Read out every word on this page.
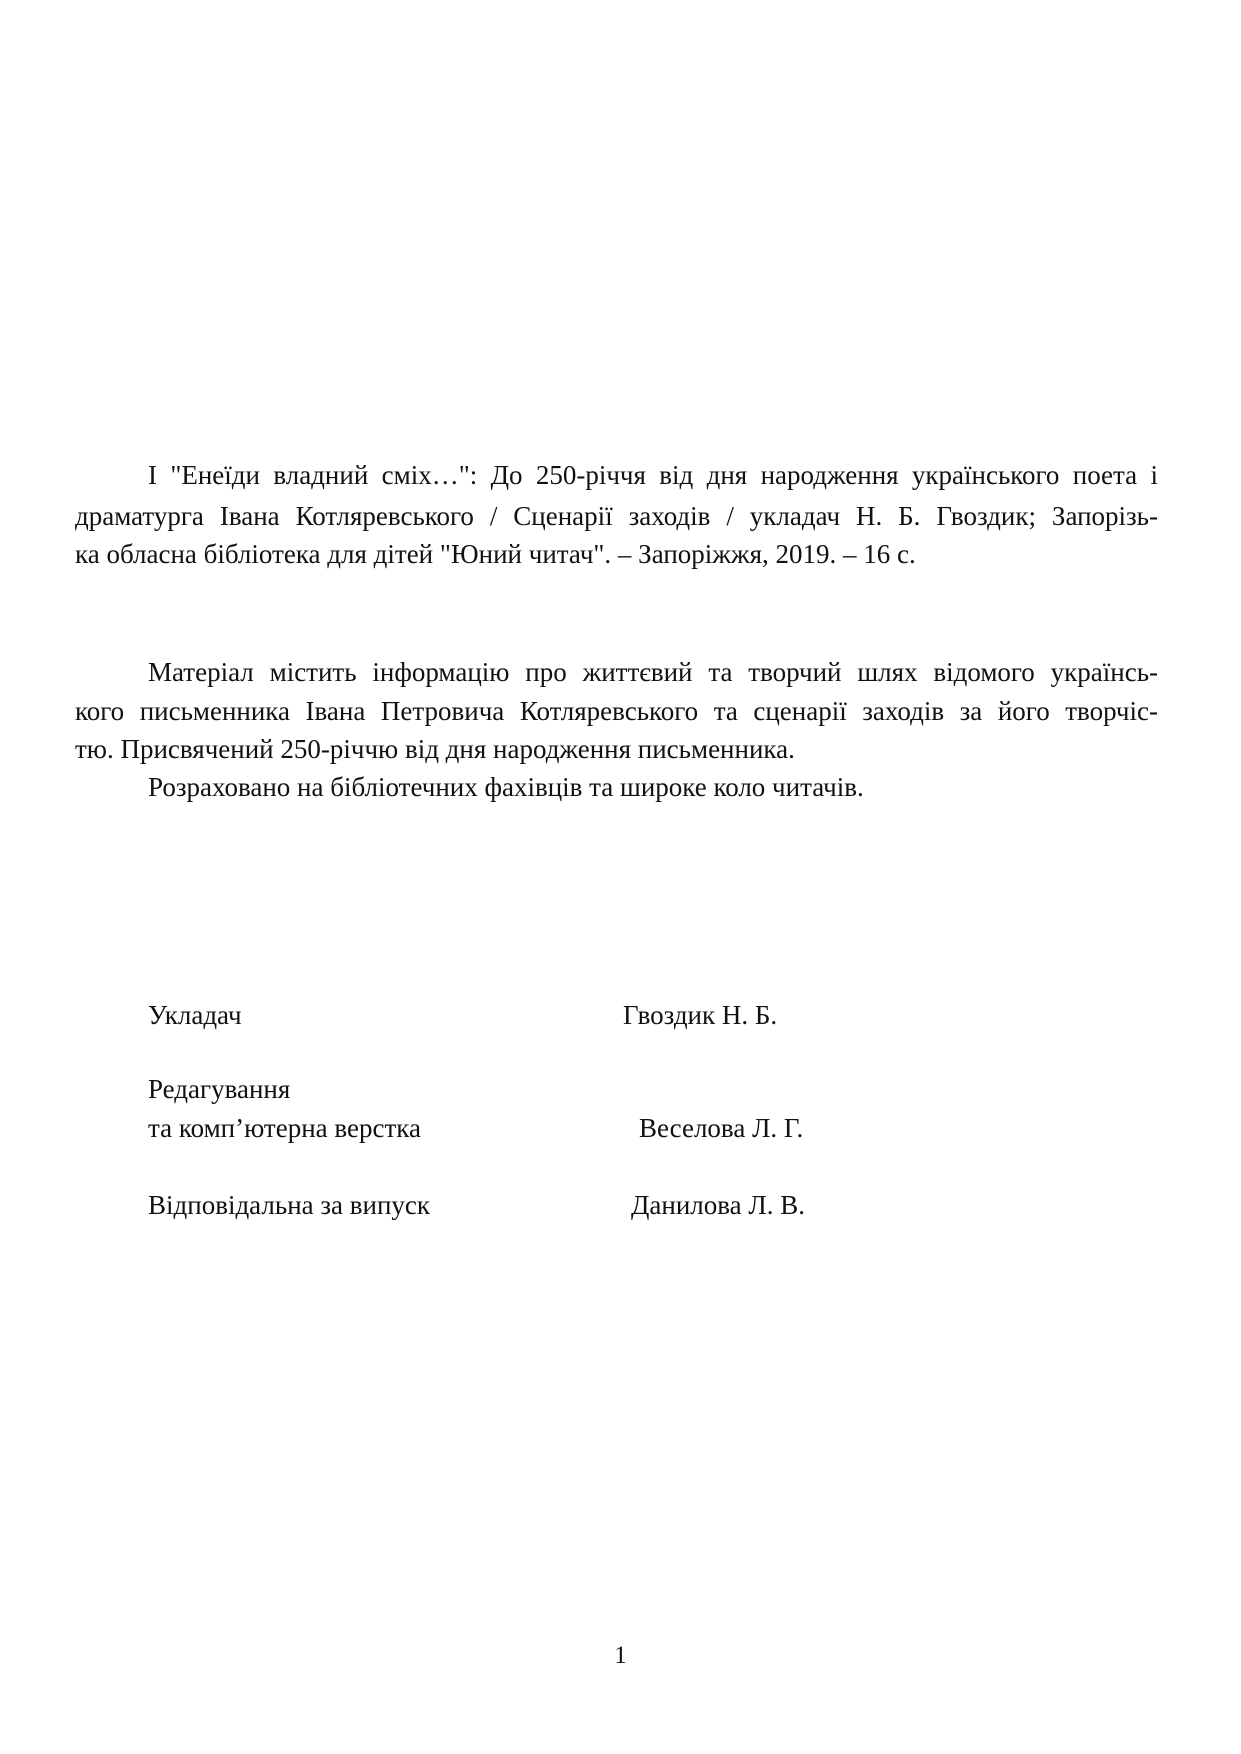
І "Енеїди владний сміх…": До 250-річчя від дня народження українського поета і

драматурга Івана Котляревського / Сценарії заходів / укладач Н. Б. Гвоздик; Запорізь-

ка обласна бібліотека для дітей "Юний читач". – Запоріжжя, 2019. – 16 с.

Матеріал містить інформацію про життєвий та творчий шлях відомого українсь-

кого письменника Івана Петровича Котляревського та сценарії заходів за його творчіс-

тю. Присвячений 250-річчю від дня народження письменника.

Розраховано на бібліотечних фахівців та широке коло читачів.

Укладач	Гвоздик Н. Б.

Редагування

та комп’ютерна верстка	Веселова Л. Г.

Відповідальна за випуск	Данилова Л. В.

1
